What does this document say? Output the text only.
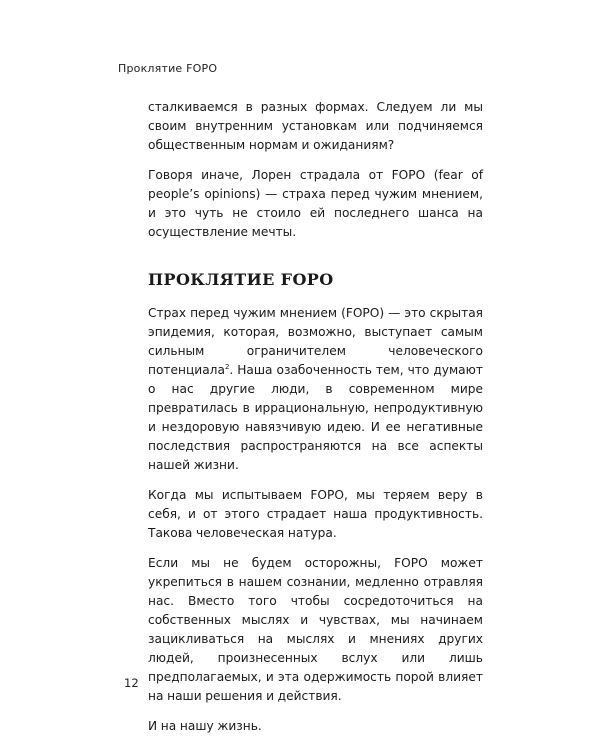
Проклятие FOPO

сталкиваемся в разных формах. Следуем ли мы своим внутренним установкам или подчиняемся общественным нормам и ожиданиям?

Говоря иначе, Лорен страдала от FOPO (fear of people’s opinions) — страха перед чужим мнением, и это чуть не стоило ей последнего шанса на осуществление мечты.

ПРОКЛЯТИЕ FOPO

Страх перед чужим мнением (FOPO) — это скрытая эпидемия, которая, возможно, выступает самым сильным ограничителем человеческого потенциала$^2$. Наша озабоченность тем, что думают о нас другие люди, в современном мире превратилась в иррациональную, непродуктивную и нездоровую навязчивую идею. И ее негативные последствия распространяются на все аспекты нашей жизни.

Когда мы испытываем FOPO, мы теряем веру в себя, и от этого страдает наша продуктивность. Такова человеческая натура.

Если мы не будем осторожны, FOPO может укрепиться в нашем сознании, медленно отравляя нас. Вместо того чтобы сосредоточиться на собственных мыслях и чувствах, мы начинаем зацикливаться на мыслях и мнениях других людей, произнесенных вслух или лишь предполагаемых, и эта одержимость порой влияет на наши решения и действия.

И на нашу жизнь.

12
